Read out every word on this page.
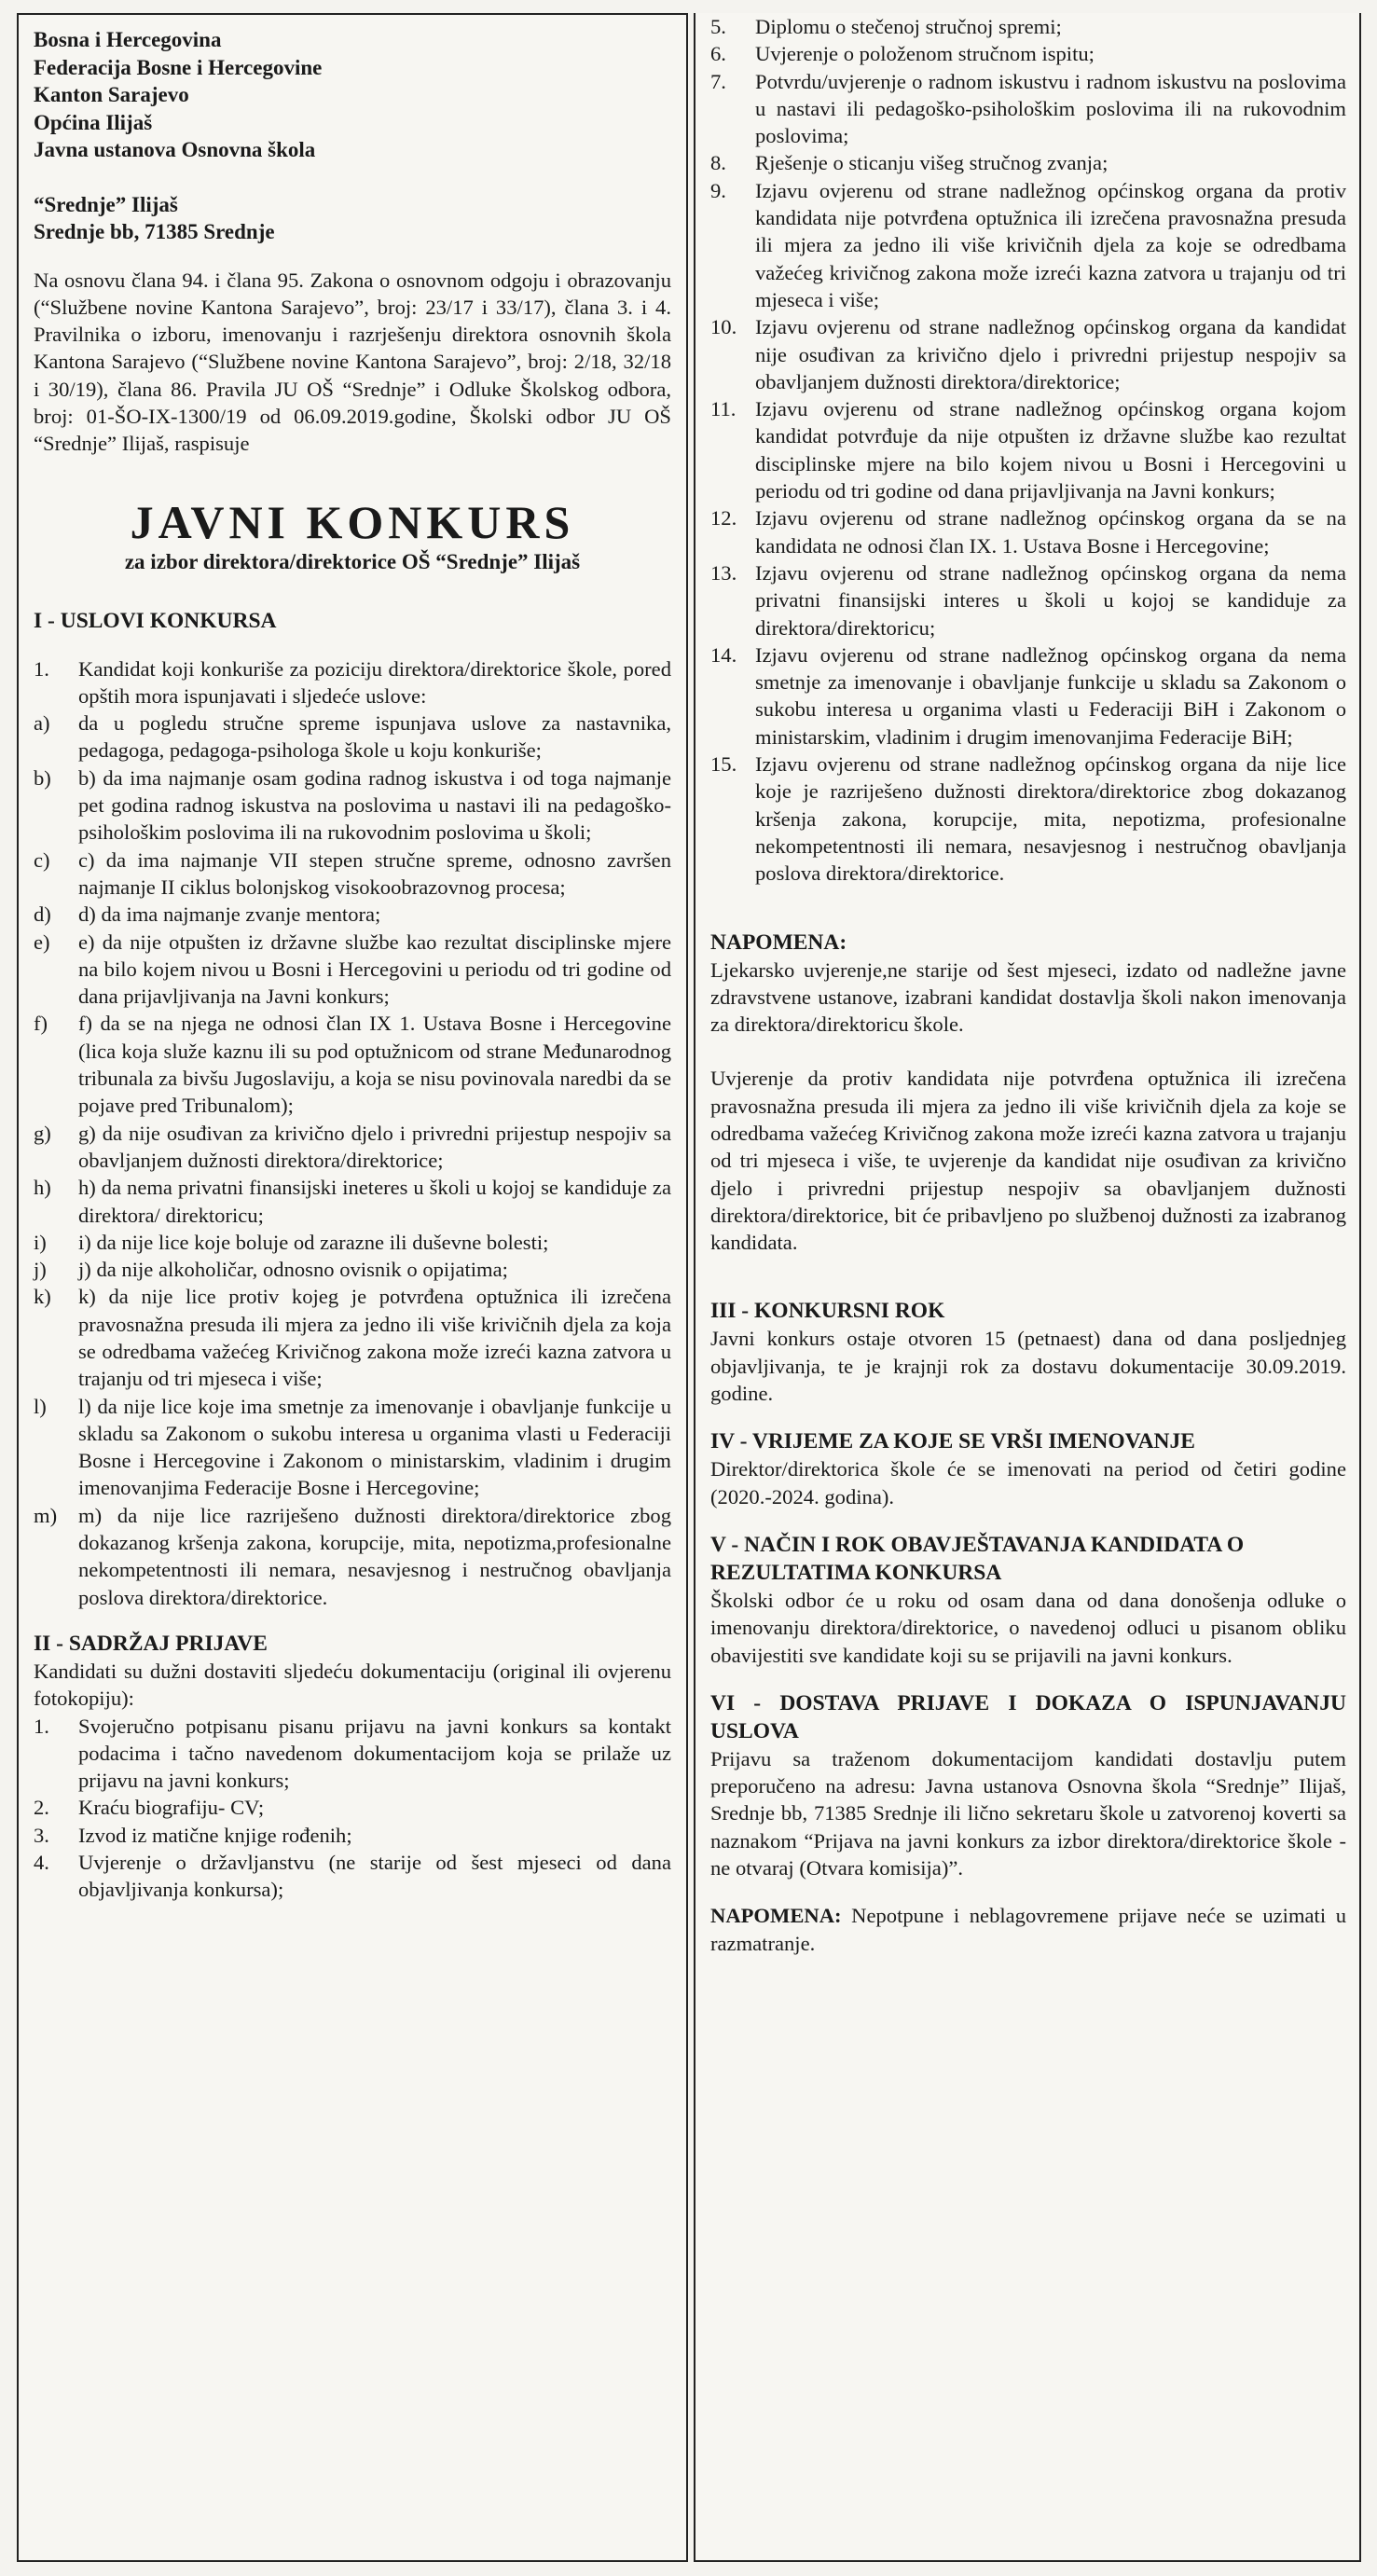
Bosna i Hercegovina

Federacija Bosne i Hercegovine

Kanton Sarajevo

Općina Ilijaš

Javna ustanova Osnovna škola

“Srednje” Ilijaš

Srednje bb, 71385 Srednje

Na osnovu člana 94. i člana 95. Zakona o osnovnom odgoju i obrazovanju (“Službene novine Kantona Sarajevo”, broj: 23/17 i 33/17), člana 3. i 4. Pravilnika o izboru, imenovanju i razrješenju direktora osnovnih škola Kantona Sarajevo (“Službene novine Kantona Sarajevo”, broj: 2/18, 32/18 i 30/19), člana 86. Pravila JU OŠ “Srednje” i Odluke Školskog odbora, broj: 01-ŠO-IX-1300/19 od 06.09.2019.godine, Školski odbor JU OŠ “Srednje” Ilijaš, raspisuje

JAVNI KONKURS

za izbor direktora/direktorice OŠ “Srednje” Ilijaš

I - USLOVI KONKURSA

1.	Kandidat koji konkuriše za poziciju direktora/direktorice škole, pored opštih mora ispunjavati i sljedeće uslove:
a)	da u pogledu stručne spreme ispunjava uslove za nastavnika, pedagoga, pedagoga-psihologa škole u koju konkuriše;
b)	b) da ima najmanje osam godina radnog iskustva i od toga najmanje pet godina radnog iskustva na poslovima u nastavi ili na pedagoško-psihološkim poslovima ili na rukovodnim poslovima u školi;
c)	c) da ima najmanje VII stepen stručne spreme, odnosno završen najmanje II ciklus bolonjskog visokoobrazovnog procesa;
d)	d) da ima najmanje zvanje mentora;
e)	e) da nije otpušten iz državne službe kao rezultat disciplinske mjere na bilo kojem nivou u Bosni i Hercegovini u periodu od tri godine od dana prijavljivanja na Javni konkurs;
f)	f) da se na njega ne odnosi član IX 1. Ustava Bosne i Hercegovine (lica koja služe kaznu ili su pod optužnicom od strane Međunarodnog tribunala za bivšu Jugoslaviju, a koja se nisu povinovala naredbi da se pojave pred Tribunalom);
g)	g) da nije osuđivan za krivično djelo i privredni prijestup nespojiv sa obavljanjem dužnosti direktora/direktorice;
h)	h) da nema privatni finansijski ineteres u školi u kojoj se kandiduje za direktora/ direktoricu;
i)	i) da nije lice koje boluje od zarazne ili duševne bolesti;
j)	j) da nije alkoholičar, odnosno ovisnik o opijatima;
k)	k) da nije lice protiv kojeg je potvrđena optužnica ili izrečena pravosnažna presuda ili mjera za jedno ili više krivičnih djela za koja se odredbama važećeg Krivičnog zakona može izreći kazna zatvora u trajanju od tri mjeseca i više;
l)	l) da nije lice koje ima smetnje za imenovanje i obavljanje funkcije u skladu sa Zakonom o sukobu interesa u organima vlasti u Federaciji Bosne i Hercegovine i Zakonom o ministarskim, vladinim i drugim imenovanjima Federacije Bosne i Hercegovine;
m)	m) da nije lice razriješeno dužnosti direktora/direktorice zbog dokazanog kršenja zakona, korupcije, mita, nepotizma,profesionalne nekompetentnosti ili nemara, nesavjesnog i nestručnog obavljanja poslova direktora/direktorice.

II - SADRŽAJ PRIJAVE

Kandidati su dužni dostaviti sljedeću dokumentaciju (original ili ovjerenu fotokopiju):

1.	Svojeručno potpisanu pisanu prijavu na javni konkurs sa kontakt podacima i tačno navedenom dokumentacijom koja se prilaže uz prijavu na javni konkurs;
2.	Kraću biografiju- CV;
3.	Izvod iz matične knjige rođenih;
4.	Uvjerenje o državljanstvu (ne starije od šest mjeseci od dana objavljivanja konkursa);
5.	Diplomu o stečenoj stručnoj spremi;
6.	Uvjerenje o položenom stručnom ispitu;
7.	Potvrdu/uvjerenje o radnom iskustvu i radnom iskustvu na poslovima u nastavi ili pedagoško-psihološkim poslovima ili na rukovodnim poslovima;
8.	Rješenje o sticanju višeg stručnog zvanja;
9.	Izjavu ovjerenu od strane nadležnog općinskog organa da protiv kandidata nije potvrđena optužnica ili izrečena pravosnažna presuda ili mjera za jedno ili više krivičnih djela za koje se odredbama važećeg krivičnog zakona može izreći kazna zatvora u trajanju od tri mjeseca i više;
10. Izjavu ovjerenu od strane nadležnog općinskog organa da kandidat nije osuđivan za krivično djelo i privredni prijestup nespojiv sa obavljanjem dužnosti direktora/direktorice;
11. Izjavu ovjerenu od strane nadležnog općinskog organa kojom kandidat potvrđuje da nije otpušten iz državne službe kao rezultat disciplinske mjere na bilo kojem nivou u Bosni i Hercegovini u periodu od tri godine od dana prijavljivanja na Javni konkurs;
12. Izjavu ovjerenu od strane nadležnog općinskog organa da se na kandidata ne odnosi član IX. 1. Ustava Bosne i Hercegovine;
13. Izjavu ovjerenu od strane nadležnog općinskog organa da nema privatni finansijski interes u školi u kojoj se kandiduje za direktora/direktoricu;
14. Izjavu ovjerenu od strane nadležnog općinskog organa da nema smetnje za imenovanje i obavljanje funkcije u skladu sa Zakonom o sukobu interesa u organima vlasti u Federaciji BiH i Zakonom o ministarskim, vladinim i drugim imenovanjima Federacije BiH;
15. Izjavu ovjerenu od strane nadležnog općinskog organa da nije lice koje je razriješeno dužnosti direktora/direktorice zbog dokazanog kršenja zakona, korupcije, mita, nepotizma, profesionalne nekompetentnosti ili nemara, nesavjesnog i nestručnog obavljanja poslova direktora/direktorice.

NAPOMENA:

Ljekarsko uvjerenje,ne starije od šest mjeseci, izdato od nadležne javne zdravstvene ustanove, izabrani kandidat dostavlja školi nakon imenovanja za direktora/direktoricu škole.

Uvjerenje da protiv kandidata nije potvrđena optužnica ili izrečena pravosnažna presuda ili mjera za jedno ili više krivičnih djela za koje se odredbama važećeg Krivičnog zakona može izreći kazna zatvora u trajanju od tri mjeseca i više, te uvjerenje da kandidat nije osuđivan za krivično djelo i privredni prijestup nespojiv sa obavljanjem dužnosti direktora/direktorice, bit će pribavljeno po službenoj dužnosti za izabranog kandidata.

III - KONKURSNI ROK

Javni konkurs ostaje otvoren 15 (petnaest) dana od dana posljednjeg objavljivanja, te je krajnji rok za dostavu dokumentacije 30.09.2019. godine.

IV - VRIJEME ZA KOJE SE VRŠI IMENOVANJE

Direktor/direktorica škole će se imenovati na period od četiri godine (2020.-2024. godina).

V - NAČIN I ROK OBAVJEŠTAVANJA KANDIDATA O REZULTATIMA KONKURSA

Školski odbor će u roku od osam dana od dana donošenja odluke o imenovanju direktora/direktorice, o navedenoj odluci u pisanom obliku obavijestiti sve kandidate koji su se prijavili na javni konkurs.

VI - DOSTAVA PRIJAVE I DOKAZA O ISPUNJAVANJU USLOVA

Prijavu sa traženom dokumentacijom kandidati dostavlju putem preporučeno na adresu: Javna ustanova Osnovna škola “Srednje” Ilijaš, Srednje bb, 71385 Srednje ili lično sekretaru škole u zatvorenoj koverti sa naznakom “Prijava na javni konkurs za izbor direktora/direktorice škole - ne otvaraj (Otvara komisija)”.

NAPOMENA: Nepotpune i neblagovremene prijave neće se uzimati u razmatranje.
